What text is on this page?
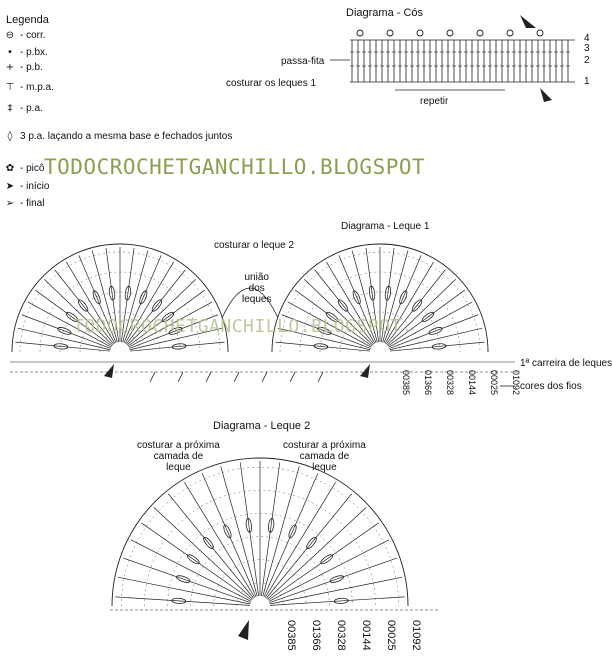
Legenda
⊖ - corr.
• - p.bx.
+ - p.b.
⊤ - m.p.a.
‡ - p.a.
◊ 3 p.a. laçando a mesma base e fechados juntos
✿ - picô
➤ - início
➢ - final
Diagrama - Cós
passa-fita
costurar os leques 1
repetir
4
3
2
1
TODOCROCHETGANCHILLO.BLOGSPOT
TODOCROCHETGANCHILLO.BLOGSPOT.
Diagrama - Leque 1
costurar o leque 2
união
dos
leques
1ª carreira de leques
cores dos fios
00385 01366 00328 00144 00025 01092
Diagrama - Leque 2
costurar a próxima
camada de
leque
costurar a próxima
camada de
leque
00385 01366 00328 00144 00025 01092
